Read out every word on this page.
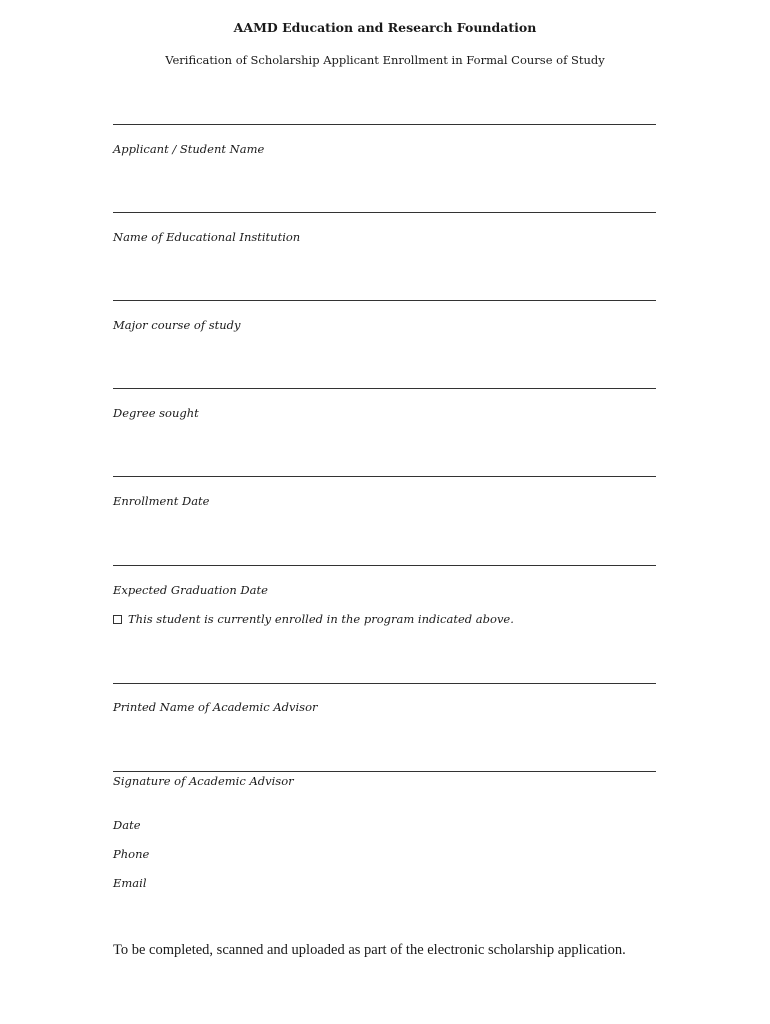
AAMD Education and Research Foundation
Verification of Scholarship Applicant Enrollment in Formal Course of Study
Applicant / Student Name
Name of Educational Institution
Major course of study
Degree sought
Enrollment Date
Expected Graduation Date
This student is currently enrolled in the program indicated above.
Printed Name of Academic Advisor
Signature of Academic Advisor
Date
Phone
Email
To be completed, scanned and uploaded as part of the electronic scholarship application.
